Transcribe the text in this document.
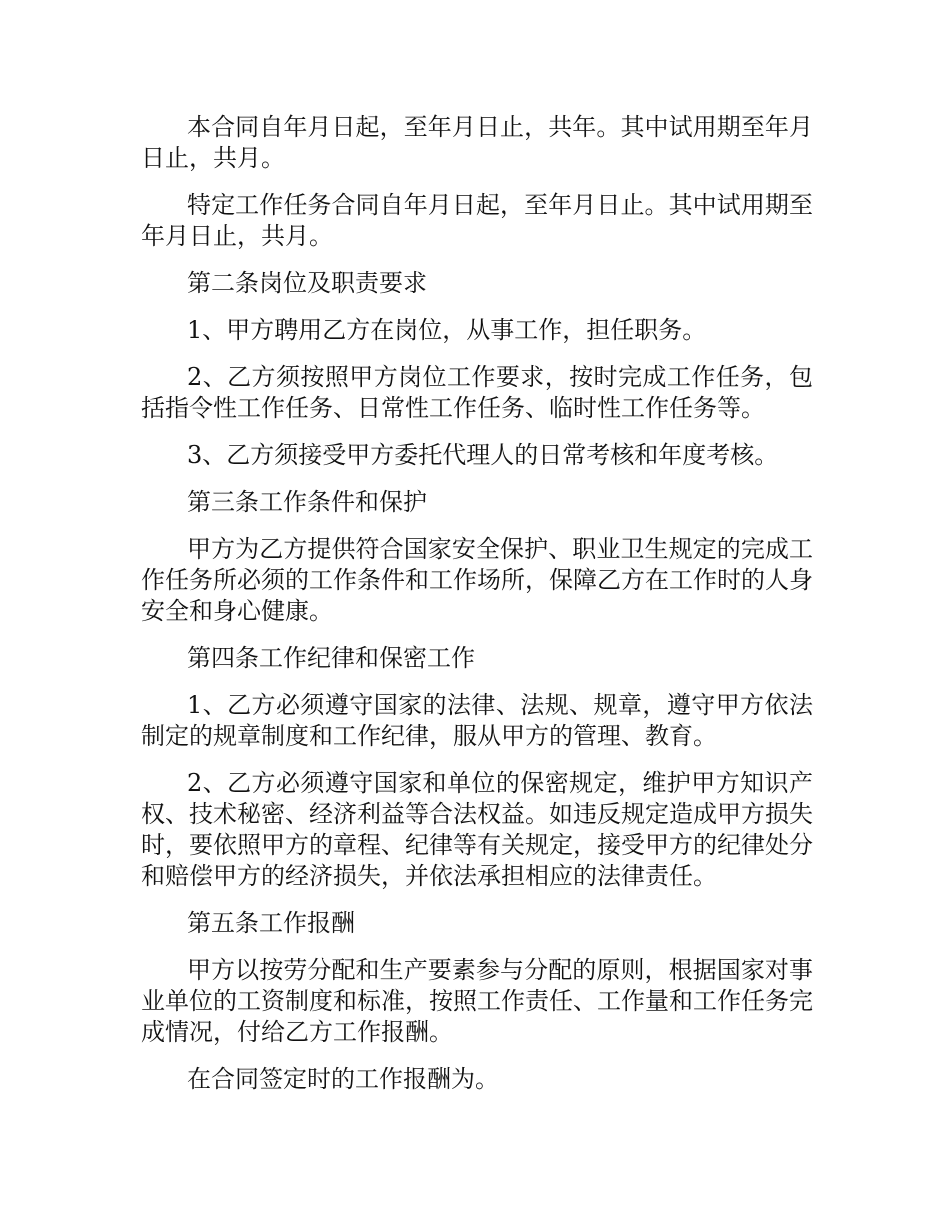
本合同自年月日起，至年月日止，共年。其中试用期至年月日止，共月。

特定工作任务合同自年月日起，至年月日止。其中试用期至年月日止，共月。

第二条岗位及职责要求

1、甲方聘用乙方在岗位，从事工作，担任职务。

2、乙方须按照甲方岗位工作要求，按时完成工作任务，包括指令性工作任务、日常性工作任务、临时性工作任务等。

3、乙方须接受甲方委托代理人的日常考核和年度考核。

第三条工作条件和保护

甲方为乙方提供符合国家安全保护、职业卫生规定的完成工作任务所必须的工作条件和工作场所，保障乙方在工作时的人身安全和身心健康。

第四条工作纪律和保密工作

1、乙方必须遵守国家的法律、法规、规章，遵守甲方依法制定的规章制度和工作纪律，服从甲方的管理、教育。

2、乙方必须遵守国家和单位的保密规定，维护甲方知识产权、技术秘密、经济利益等合法权益。如违反规定造成甲方损失时，要依照甲方的章程、纪律等有关规定，接受甲方的纪律处分和赔偿甲方的经济损失，并依法承担相应的法律责任。

第五条工作报酬

甲方以按劳分配和生产要素参与分配的原则，根据国家对事业单位的工资制度和标准，按照工作责任、工作量和工作任务完成情况，付给乙方工作报酬。

在合同签定时的工作报酬为。
